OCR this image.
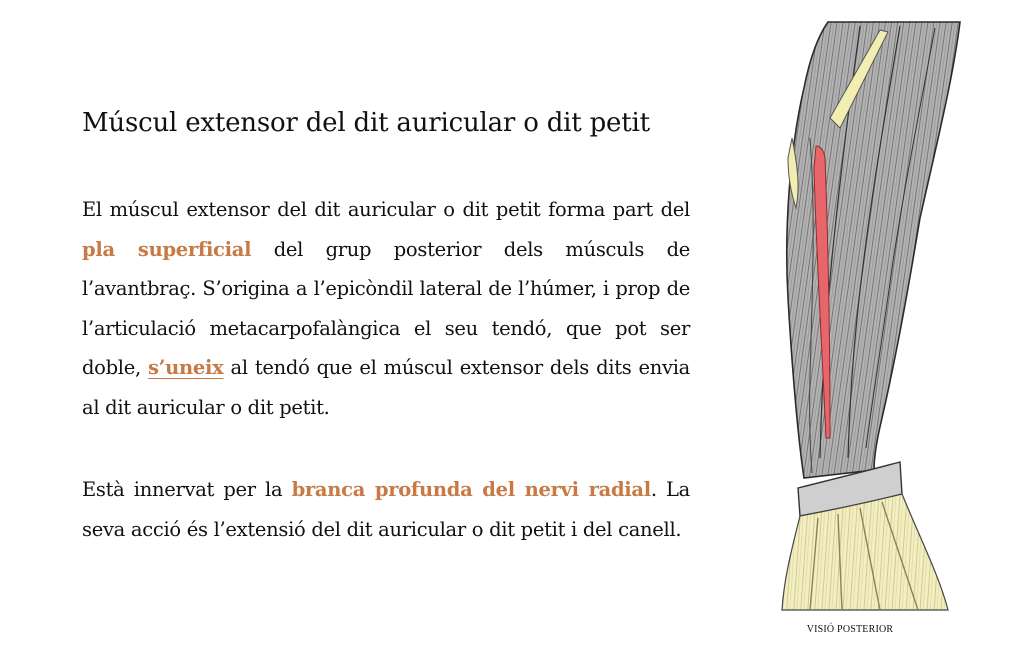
Múscul extensor del dit auricular o dit petit

El múscul extensor del dit auricular o dit petit forma part del pla superficial del grup posterior dels músculs de l’avantbraç. S’origina a l’epicòndil lateral de l’húmer, i prop de l’articulació metacarpofalàngica el seu tendó, que pot ser doble, s’uneix al tendó que el múscul extensor dels dits envia al dit auricular o dit petit.

Està innervat per la branca profunda del nervi radial. La seva acció és l’extensió del dit auricular o dit petit i del canell.

VISIÓ POSTERIOR
